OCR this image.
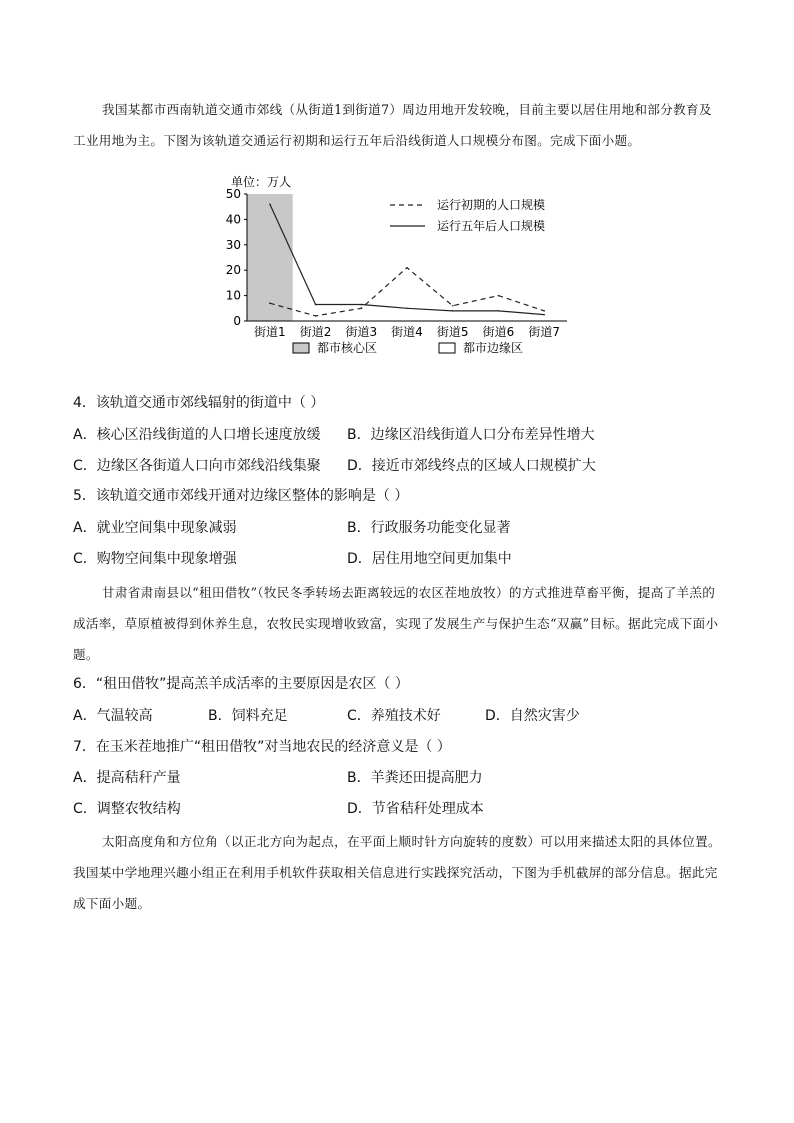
我国某都市西南轨道交通市郊线（从街道1到街道7）周边用地开发较晚，目前主要以居住用地和部分教育及工业用地为主。下图为该轨道交通运行初期和运行五年后沿线街道人口规模分布图。完成下面小题。
单位：万人
0
10
20
30
40
50
街道1 街道2 街道3 街道4 街道5 街道6 街道7
运行初期的人口规模
运行五年后人口规模
都市核心区	都市边缘区
4．该轨道交通市郊线辐射的街道中（ ）
A．核心区沿线街道的人口增长速度放缓 B．边缘区沿线街道人口分布差异性增大
C．边缘区各街道人口向市郊线沿线集聚 D．接近市郊线终点的区域人口规模扩大
5．该轨道交通市郊线开通对边缘区整体的影响是（ ）
A．就业空间集中现象减弱	B．行政服务功能变化显著
C．购物空间集中现象增强	D．居住用地空间更加集中
甘肃省肃南县以“租田借牧”（牧民冬季转场去距离较远的农区茬地放牧）的方式推进草畜平衡，提高了羊羔的成活率，草原植被得到休养生息，农牧民实现增收致富，实现了发展生产与保护生态“双赢”目标。据此完成下面小题。
6．“租田借牧”提高羔羊成活率的主要原因是农区（ ）
A．气温较高	B．饲料充足	C．养殖技术好	D．自然灾害少
7．在玉米茬地推广“租田借牧”对当地农民的经济意义是（ ）
A．提高秸秆产量	B．羊粪还田提高肥力
C．调整农牧结构	D．节省秸秆处理成本
太阳高度角和方位角（以正北方向为起点，在平面上顺时针方向旋转的度数）可以用来描述太阳的具体位置。我国某中学地理兴趣小组正在利用手机软件获取相关信息进行实践探究活动，下图为手机截屏的部分信息。据此完成下面小题。
